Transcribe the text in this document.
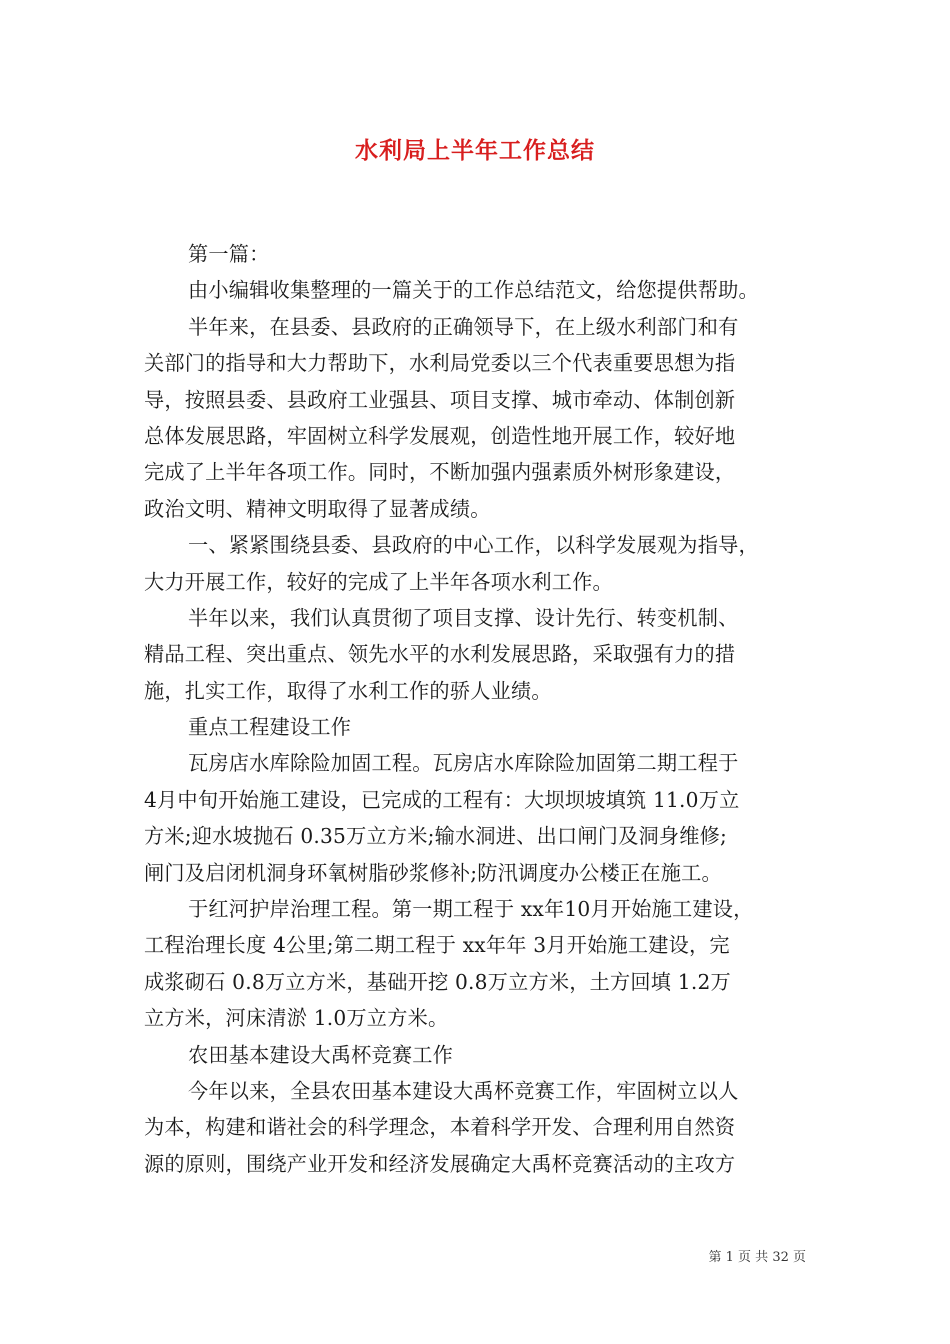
水利局上半年工作总结
第一篇：
由小编辑收集整理的一篇关于的工作总结范文，给您提供帮助。
半年来，在县委、县政府的正确领导下，在上级水利部门和有
关部门的指导和大力帮助下，水利局党委以三个代表重要思想为指
导，按照县委、县政府工业强县、项目支撑、城市牵动、体制创新
总体发展思路，牢固树立科学发展观，创造性地开展工作，较好地
完成了上半年各项工作。同时，不断加强内强素质外树形象建设，
政治文明、精神文明取得了显著成绩。
一、紧紧围绕县委、县政府的中心工作，以科学发展观为指导，
大力开展工作，较好的完成了上半年各项水利工作。
半年以来，我们认真贯彻了项目支撑、设计先行、转变机制、
精品工程、突出重点、领先水平的水利发展思路，采取强有力的措
施，扎实工作，取得了水利工作的骄人业绩。
重点工程建设工作
瓦房店水库除险加固工程。瓦房店水库除险加固第二期工程于
4月中旬开始施工建设，已完成的工程有：大坝坝坡填筑 11.0万立
方米;迎水坡抛石 0.35万立方米;输水洞进、出口闸门及洞身维修;
闸门及启闭机洞身环氧树脂砂浆修补;防汛调度办公楼正在施工。
于红河护岸治理工程。第一期工程于 xx年10月开始施工建设，
工程治理长度 4公里;第二期工程于 xx年年 3月开始施工建设，完
成浆砌石 0.8万立方米，基础开挖 0.8万立方米，土方回填 1.2万
立方米，河床清淤 1.0万立方米。
农田基本建设大禹杯竞赛工作
今年以来，全县农田基本建设大禹杯竞赛工作，牢固树立以人
为本，构建和谐社会的科学理念，本着科学开发、合理利用自然资
源的原则，围绕产业开发和经济发展确定大禹杯竞赛活动的主攻方
第 1 页 共 32 页
